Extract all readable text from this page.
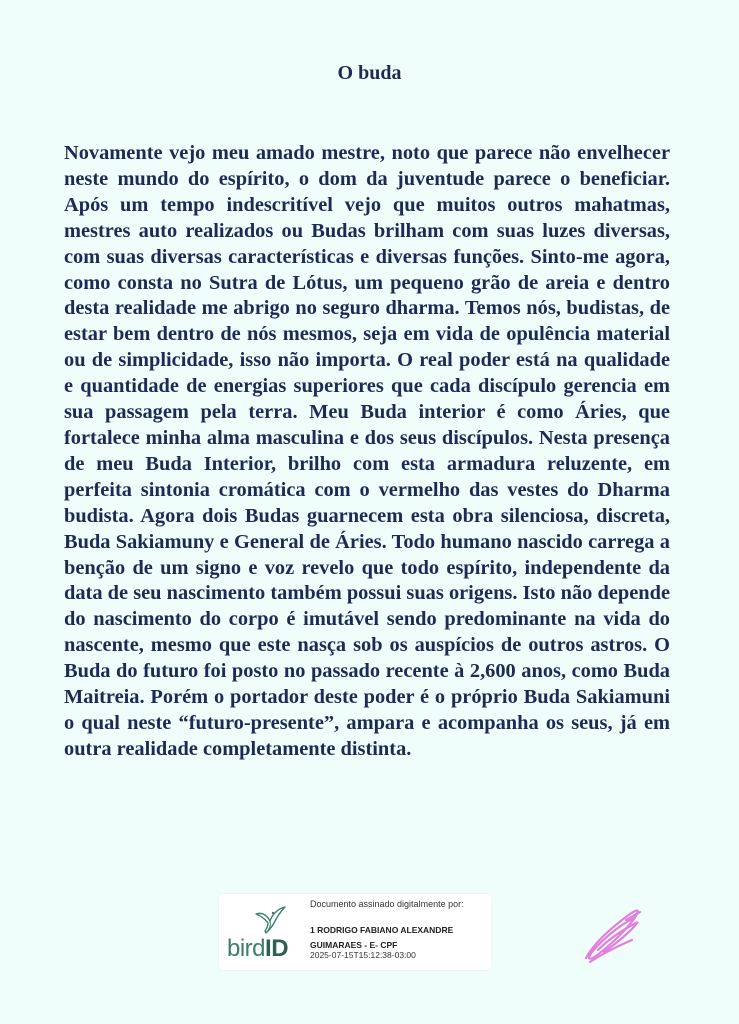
O buda

Novamente vejo meu amado mestre, noto que parece não envelhecer neste mundo do espírito, o dom da juventude parece o beneficiar. Após um tempo indescritível vejo que muitos outros mahatmas, mestres auto realizados ou Budas brilham com suas luzes diversas, com suas diversas características e diversas funções. Sinto-me agora, como consta no Sutra de Lótus, um pequeno grão de areia e dentro desta realidade me abrigo no seguro dharma. Temos nós, budistas, de estar bem dentro de nós mesmos, seja em vida de opulência material ou de simplicidade, isso não importa. O real poder está na qualidade e quantidade de energias superiores que cada discípulo gerencia em sua passagem pela terra. Meu Buda interior é como Áries, que fortalece minha alma masculina e dos seus discípulos. Nesta presença de meu Buda Interior, brilho com esta armadura reluzente, em perfeita sintonia cromática com o vermelho das vestes do Dharma budista. Agora dois Budas guarnecem esta obra silenciosa, discreta, Buda Sakiamuny e General de Áries. Todo humano nascido carrega a benção de um signo e voz revelo que todo espírito, independente da data de seu nascimento também possui suas origens. Isto não depende do nascimento do corpo é imutável sendo predominante na vida do nascente, mesmo que este nasça sob os auspícios de outros astros. O Buda do futuro foi posto no passado recente à 2,600 anos, como Buda Maitreia. Porém o portador deste poder é o próprio Buda Sakiamuni o qual neste “futuro-presente”, ampara e acompanha os seus, já em outra realidade completamente distinta.

birdID
Documento assinado digitalmente por:
1 RODRIGO FABIANO ALEXANDRE GUIMARAES - E- CPF
2025-07-15T15:12:38-03:00
